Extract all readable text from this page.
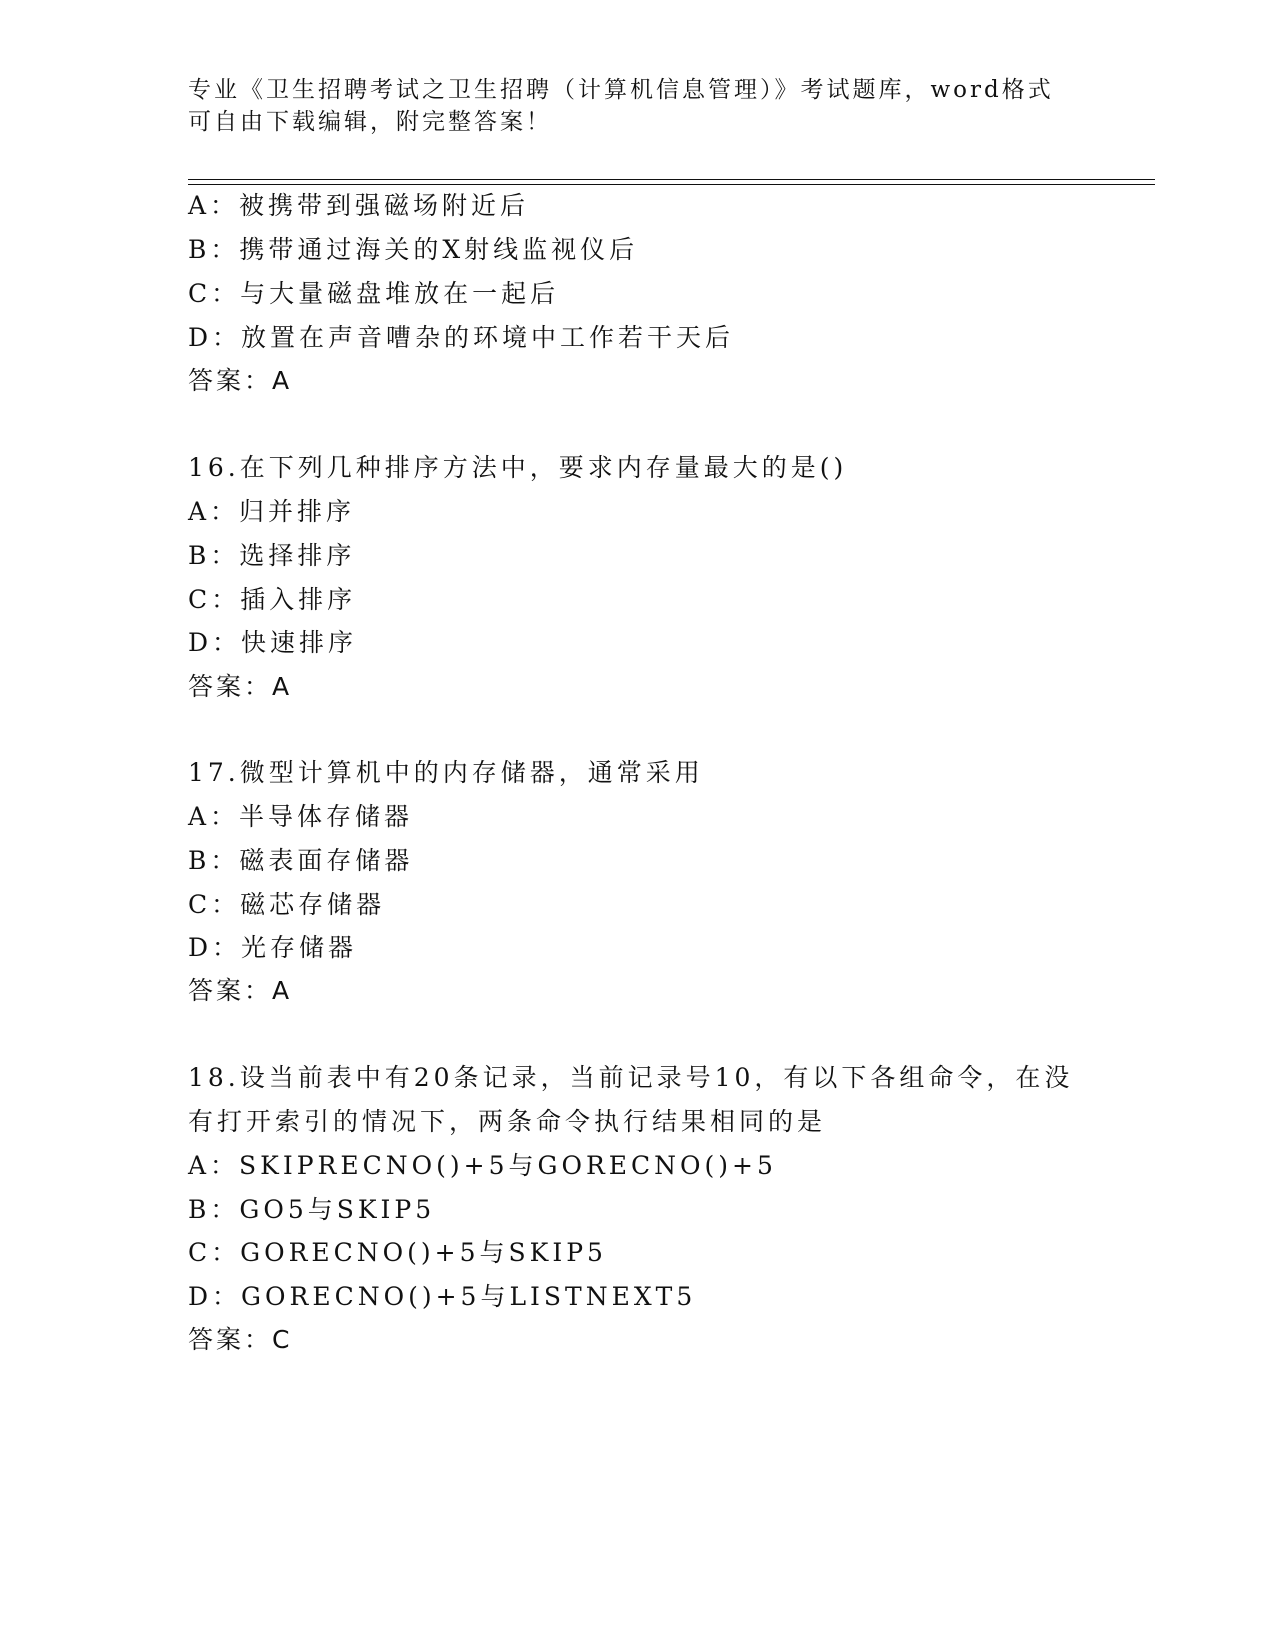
专业《卫生招聘考试之卫生招聘（计算机信息管理）》考试题库，word格式可自由下载编辑，附完整答案！
A：被携带到强磁场附近后
B：携带通过海关的X射线监视仪后
C：与大量磁盘堆放在一起后
D：放置在声音嘈杂的环境中工作若干天后
答案：A
16.在下列几种排序方法中，要求内存量最大的是()
A：归并排序
B：选择排序
C：插入排序
D：快速排序
答案：A
17.微型计算机中的内存储器，通常采用
A：半导体存储器
B：磁表面存储器
C：磁芯存储器
D：光存储器
答案：A
18.设当前表中有20条记录，当前记录号10，有以下各组命令，在没
有打开索引的情况下，两条命令执行结果相同的是
A：SKIPRECNO()+5与GORECNO()+5
B：GO5与SKIP5
C：GORECNO()+5与SKIP5
D：GORECNO()+5与LISTNEXT5
答案：C
